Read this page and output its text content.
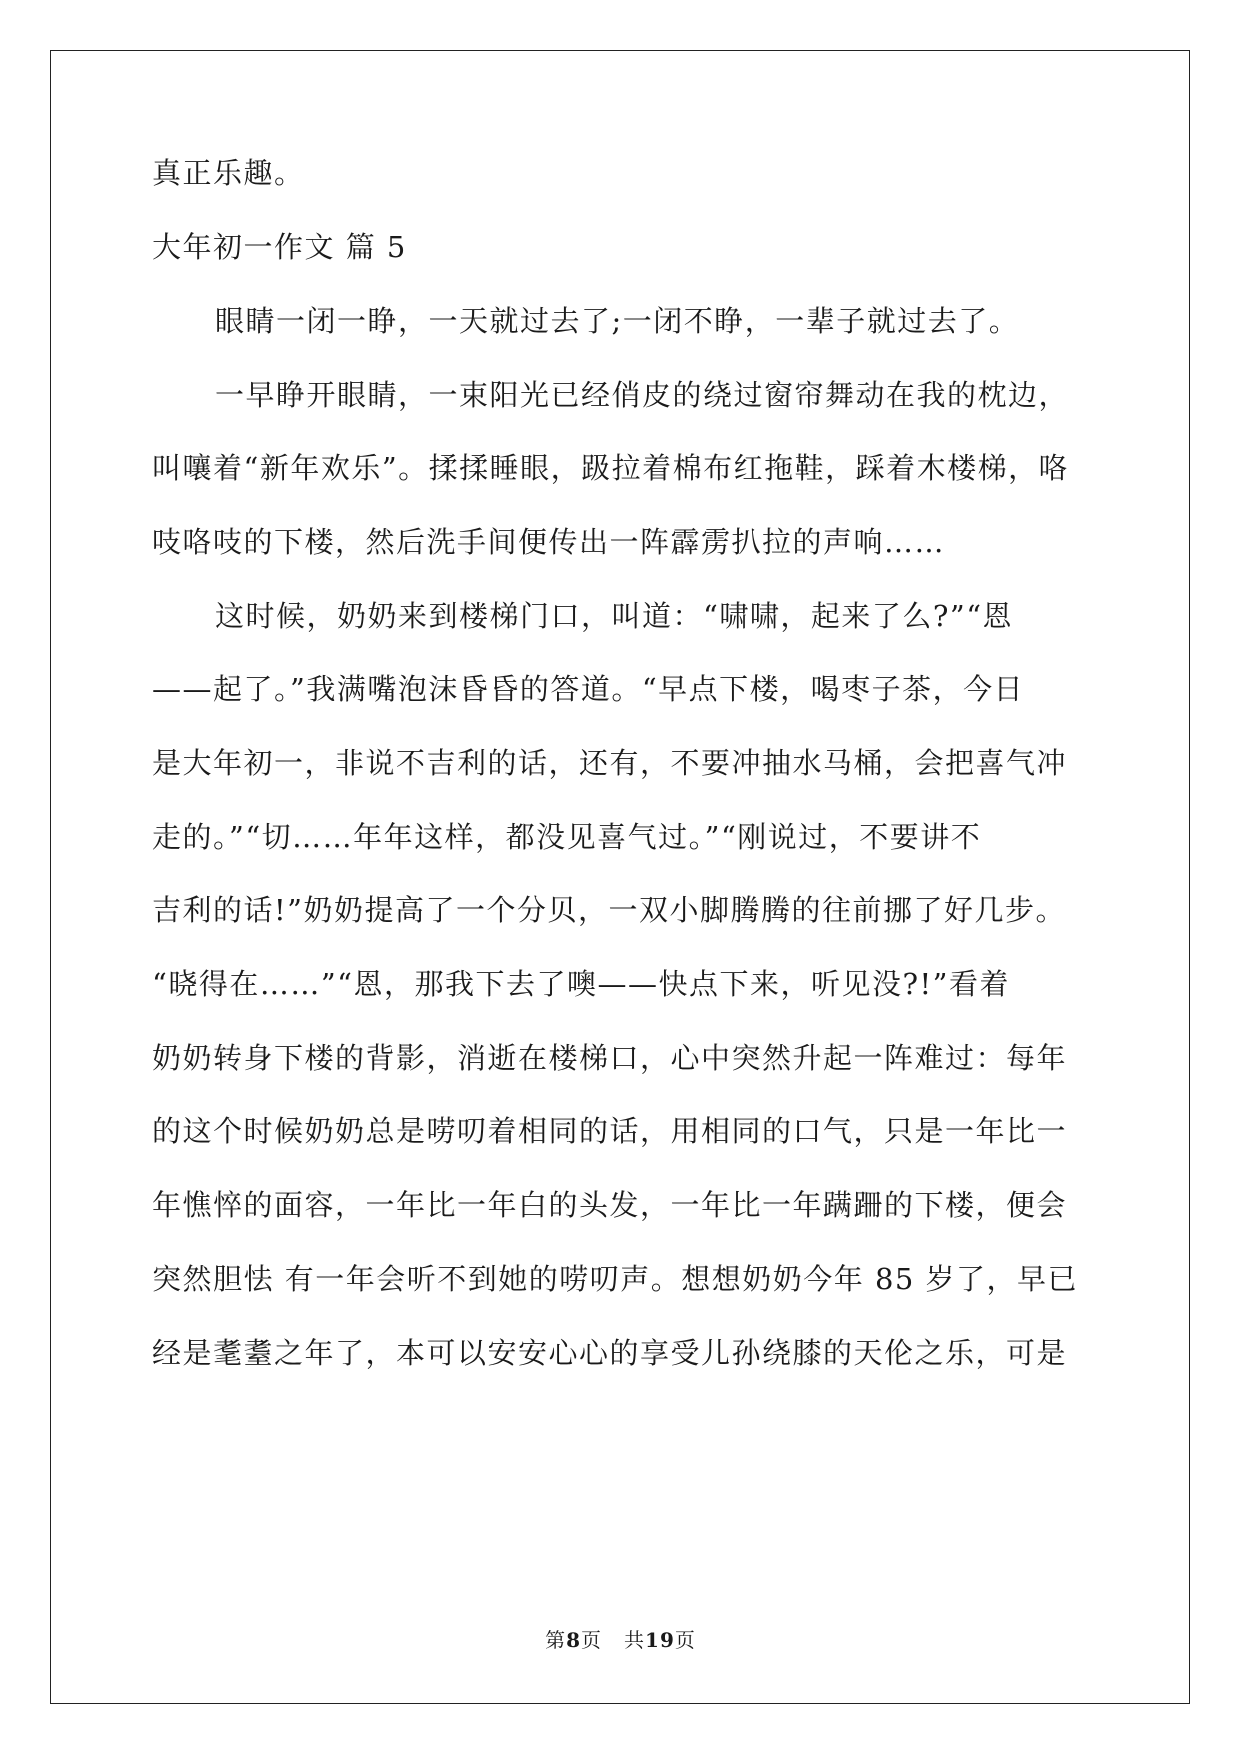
真正乐趣。
大年初一作文 篇 5
眼睛一闭一睁，一天就过去了;一闭不睁，一辈子就过去了。
一早睁开眼睛，一束阳光已经俏皮的绕过窗帘舞动在我的枕边，
叫嚷着“新年欢乐”。揉揉睡眼，趿拉着棉布红拖鞋，踩着木楼梯，咯
吱咯吱的下楼，然后洗手间便传出一阵霹雳扒拉的声响……
这时候，奶奶来到楼梯门口，叫道：“啸啸，起来了么?”“恩
——起了。”我满嘴泡沫昏昏的答道。“早点下楼，喝枣子茶，今日
是大年初一，非说不吉利的话，还有，不要冲抽水马桶，会把喜气冲
走的。”“切……年年这样，都没见喜气过。”“刚说过，不要讲不
吉利的话!”奶奶提高了一个分贝，一双小脚腾腾的往前挪了好几步。
“晓得在……”“恩，那我下去了噢——快点下来，听见没?!”看着
奶奶转身下楼的背影，消逝在楼梯口，心中突然升起一阵难过：每年
的这个时候奶奶总是唠叨着相同的话，用相同的口气，只是一年比一
年憔悴的面容，一年比一年白的头发，一年比一年蹒跚的下楼，便会
突然胆怯 有一年会听不到她的唠叨声。想想奶奶今年 85 岁了，早已
经是耄耋之年了，本可以安安心心的享受儿孙绕膝的天伦之乐，可是
第8页 共19页
